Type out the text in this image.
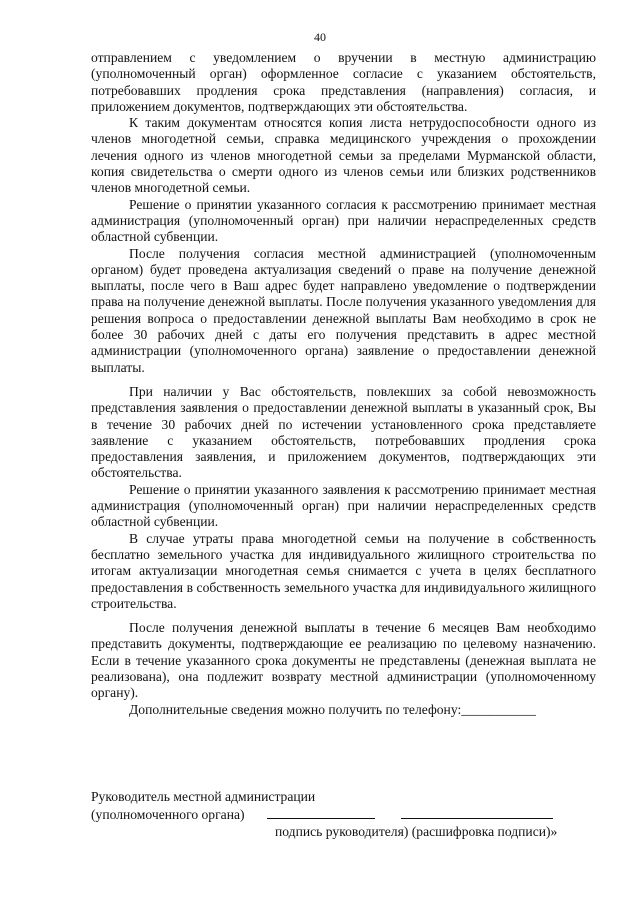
40

отправлением с уведомлением о вручении в местную администрацию (уполномоченный орган) оформленное согласие с указанием обстоятельств, потребовавших продления срока представления (направления) согласия, и приложением документов, подтверждающих эти обстоятельства.

К таким документам относятся копия листа нетрудоспособности одного из членов многодетной семьи, справка медицинского учреждения о прохождении лечения одного из членов многодетной семьи за пределами Мурманской области, копия свидетельства о смерти одного из членов семьи или близких родственников членов многодетной семьи.

Решение о принятии указанного согласия к рассмотрению принимает местная администрация (уполномоченный орган) при наличии нераспределенных средств областной субвенции.

После получения согласия местной администрацией (уполномоченным органом) будет проведена актуализация сведений о праве на получение денежной выплаты, после чего в Ваш адрес будет направлено уведомление о подтверждении права на получение денежной выплаты. После получения указанного уведомления для решения вопроса о предоставлении денежной выплаты Вам необходимо в срок не более 30 рабочих дней с даты его получения представить в адрес местной администрации (уполномоченного органа) заявление о предоставлении денежной выплаты.

При наличии у Вас обстоятельств, повлекших за собой невозможность представления заявления о предоставлении денежной выплаты в указанный срок, Вы в течение 30 рабочих дней по истечении установленного срока представляете заявление с указанием обстоятельств, потребовавших продления срока предоставления заявления, и приложением документов, подтверждающих эти обстоятельства.

Решение о принятии указанного заявления к рассмотрению принимает местная администрация (уполномоченный орган) при наличии нераспределенных средств областной субвенции.

В случае утраты права многодетной семьи на получение в собственность бесплатно земельного участка для индивидуального жилищного строительства по итогам актуализации многодетная семья снимается с учета в целях бесплатного предоставления в собственность земельного участка для индивидуального жилищного строительства.

После получения денежной выплаты в течение 6 месяцев Вам необходимо представить документы, подтверждающие ее реализацию по целевому назначению. Если в течение указанного срока документы не представлены (денежная выплата не реализована), она подлежит возврату местной администрации (уполномоченному органу).

Дополнительные сведения можно получить по телефону:___________

Руководитель местной администрации
(уполномоченного органа)
подпись руководителя) (расшифровка подписи)»
